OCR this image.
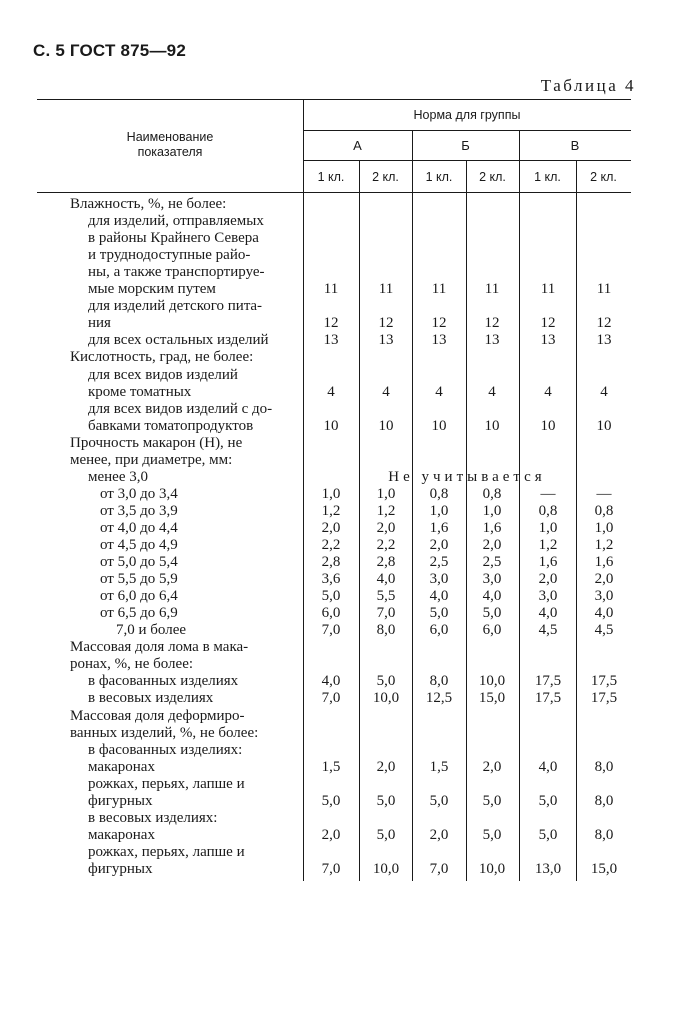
С. 5 ГОСТ 875—92
Таблица 4
Наименование
показателя
Норма для группы
А	Б	В
1 кл.	2 кл.	1 кл.	2 кл.	1 кл.	2 кл.
Влажность, %, не более:
для изделий, отправляемых
в районы Крайнего Севера
и труднодоступные райо-
ны, а также транспортируе-
мые морским путем	11	11	11	11	11	11
для изделий детского питa-
ния	12	12	12	12	12	12
для всех остальных изделий	13	13	13	13	13	13
Кислотность, град, не более:
для всех видов изделий
кроме томатных	4	4	4	4	4	4
для всех видов изделий с до-
бавками томатопродуктов	10	10	10	10	10	10
Прочность макарон (Н), не
менее, при диаметре, мм:
менее 3,0	Не учитывается
от 3,0 до 3,4	1,0	1,0	0,8	0,8	—	—
от 3,5 до 3,9	1,2	1,2	1,0	1,0	0,8	0,8
от 4,0 до 4,4	2,0	2,0	1,6	1,6	1,0	1,0
от 4,5 до 4,9	2,2	2,2	2,0	2,0	1,2	1,2
от 5,0 до 5,4	2,8	2,8	2,5	2,5	1,6	1,6
от 5,5 до 5,9	3,6	4,0	3,0	3,0	2,0	2,0
от 6,0 до 6,4	5,0	5,5	4,0	4,0	3,0	3,0
от 6,5 до 6,9	6,0	7,0	5,0	5,0	4,0	4,0
7,0 и более	7,0	8,0	6,0	6,0	4,5	4,5
Массовая доля лома в мака-
ронах, %, не более:
в фасованных изделиях	4,0	5,0	8,0	10,0	17,5	17,5
в весовых изделиях	7,0	10,0	12,5	15,0	17,5	17,5
Массовая доля деформиро-
ванных изделий, %, не более:
в фасованных изделиях:
макаронах	1,5	2,0	1,5	2,0	4,0	8,0
рожках, перьях, лапше и
фигурных	5,0	5,0	5,0	5,0	5,0	8,0
в весовых изделиях:
макаронах	2,0	5,0	2,0	5,0	5,0	8,0
рожках, перьях, лапше и
фигурных	7,0	10,0	7,0	10,0	13,0	15,0
